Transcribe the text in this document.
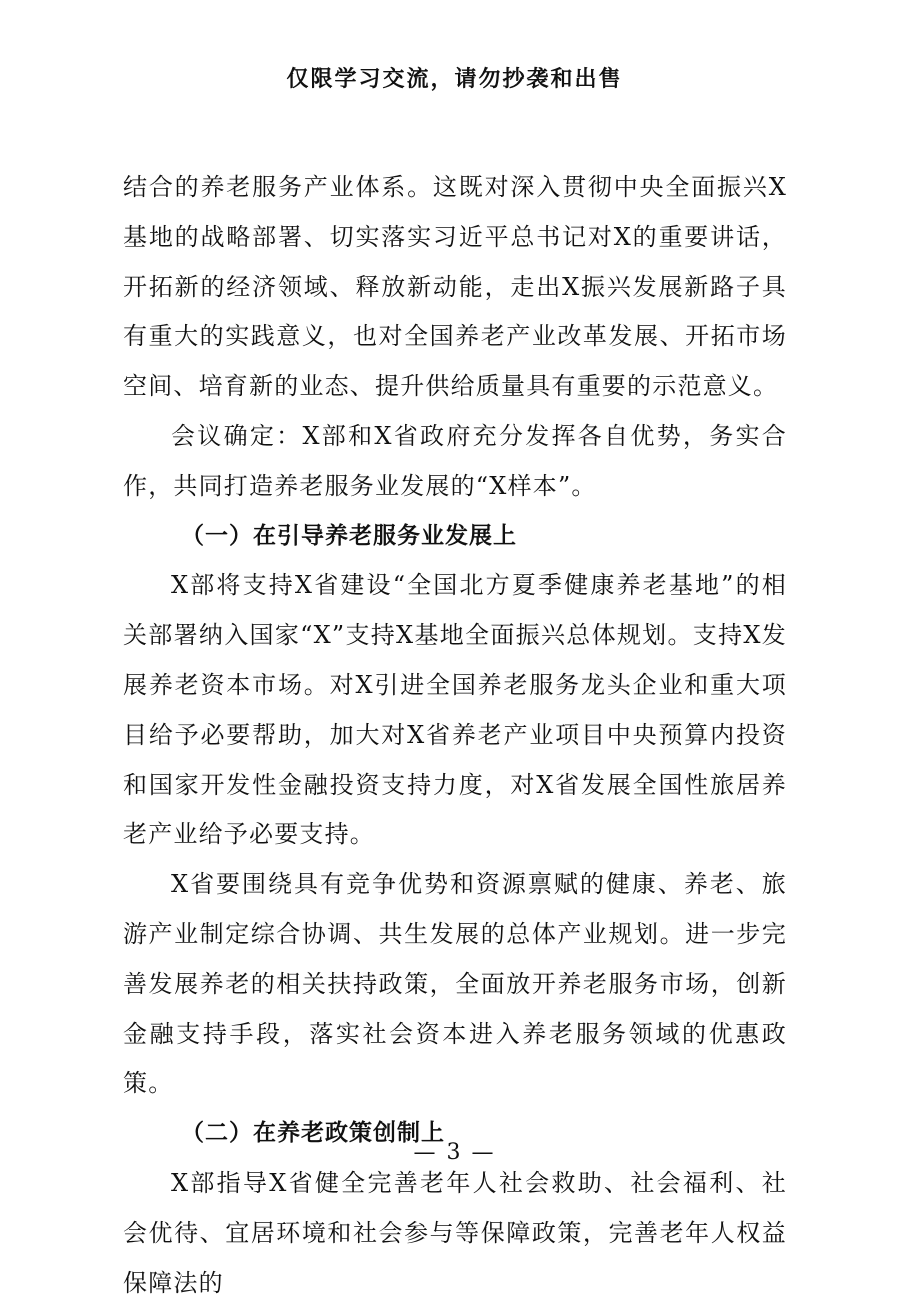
仅限学习交流，请勿抄袭和出售

结合的养老服务产业体系。这既对深入贯彻中央全面振兴X基地的战略部署、切实落实习近平总书记对X的重要讲话，开拓新的经济领域、释放新动能，走出X振兴发展新路子具有重大的实践意义，也对全国养老产业改革发展、开拓市场空间、培育新的业态、提升供给质量具有重要的示范意义。

会议确定：X部和X省政府充分发挥各自优势，务实合作，共同打造养老服务业发展的“X样本”。

（一）在引导养老服务业发展上

X部将支持X省建设“全国北方夏季健康养老基地”的相关部署纳入国家“X”支持X基地全面振兴总体规划。支持X发展养老资本市场。对X引进全国养老服务龙头企业和重大项目给予必要帮助，加大对X省养老产业项目中央预算内投资和国家开发性金融投资支持力度，对X省发展全国性旅居养老产业给予必要支持。

X省要围绕具有竞争优势和资源禀赋的健康、养老、旅游产业制定综合协调、共生发展的总体产业规划。进一步完善发展养老的相关扶持政策，全面放开养老服务市场，创新金融支持手段，落实社会资本进入养老服务领域的优惠政策。

（二）在养老政策创制上

X部指导X省健全完善老年人社会救助、社会福利、社会优待、宜居环境和社会参与等保障政策，完善老年人权益保障法的

— 3 —
